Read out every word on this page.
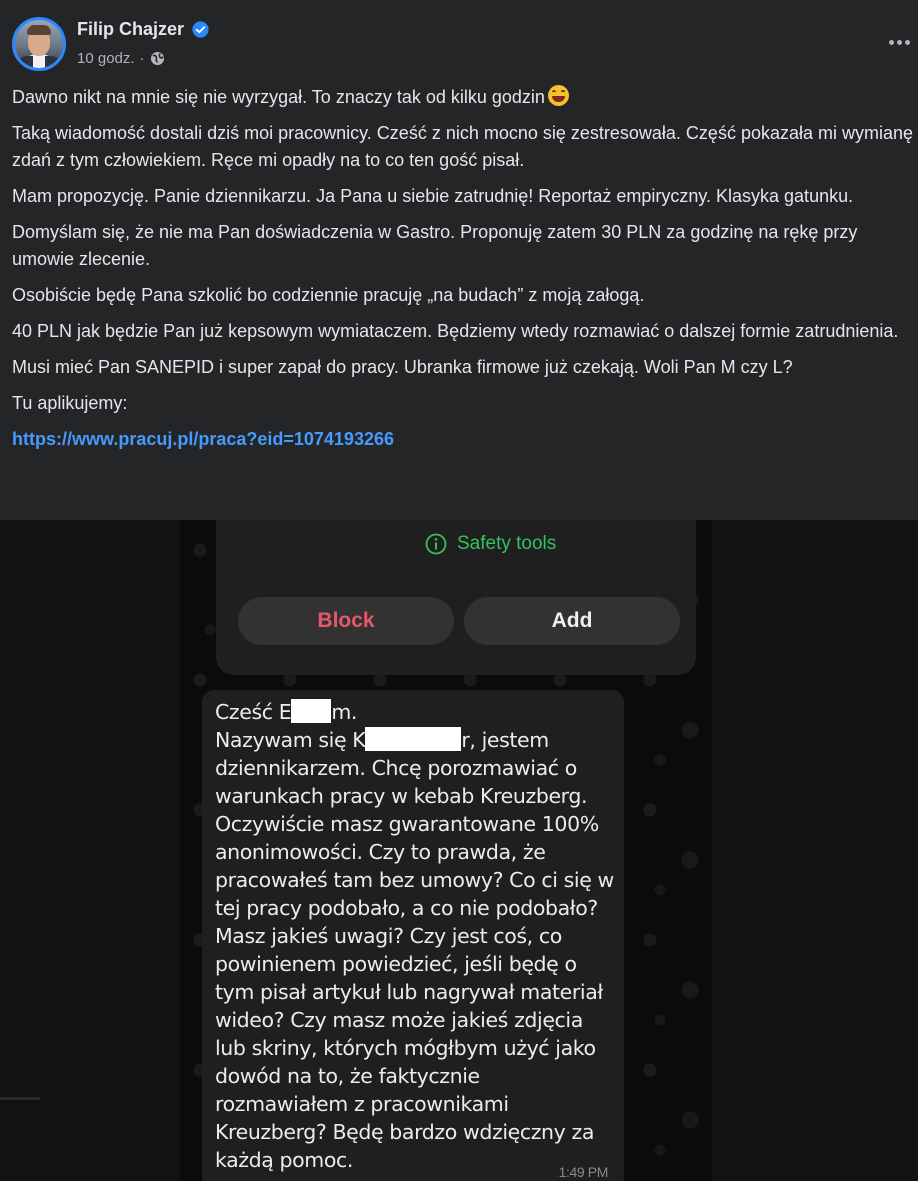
Filip Chajzer
10 godz. ·

Dawno nikt na mnie się nie wyrzygał. To znaczy tak od kilku godzin

Taką wiadomość dostali dziś moi pracownicy. Cześć z nich mocno się zestresowała. Część pokazała mi wymianę zdań z tym człowiekiem. Ręce mi opadły na to co ten gość pisał.

Mam propozycję. Panie dziennikarzu. Ja Pana u siebie zatrudnię! Reportaż empiryczny. Klasyka gatunku.

Domyślam się, że nie ma Pan doświadczenia w Gastro. Proponuję zatem 30 PLN za godzinę na rękę przy umowie zlecenie.

Osobiście będę Pana szkolić bo codziennie pracuję „na budach” z moją załogą.

40 PLN jak będzie Pan już kepsowym wymiataczem. Będziemy wtedy rozmawiać o dalszej formie zatrudnienia.

Musi mieć Pan SANEPID i super zapał do pracy. Ubranka firmowe już czekają. Woli Pan M czy L?

Tu aplikujemy:

https://www.pracuj.pl/praca?eid=1074193266

Safety tools
Block	Add
Cześć E m.
Nazywam się K	r, jestem
dziennikarzem. Chcę porozmawiać o
warunkach pracy w kebab Kreuzberg.
Oczywiście masz gwarantowane 100%
anonimowości. Czy to prawda, że
pracowałeś tam bez umowy? Co ci się w
tej pracy podobało, a co nie podobało?
Masz jakieś uwagi? Czy jest coś, co
powinienem powiedzieć, jeśli będę o
tym pisał artykuł lub nagrywał materiał
wideo? Czy masz może jakieś zdjęcia
lub skriny, których mógłbym użyć jako
dowód na to, że faktycznie
rozmawiałem z pracownikami
Kreuzberg? Będę bardzo wdzięczny za
każdą pomoc.	1:49 PM
